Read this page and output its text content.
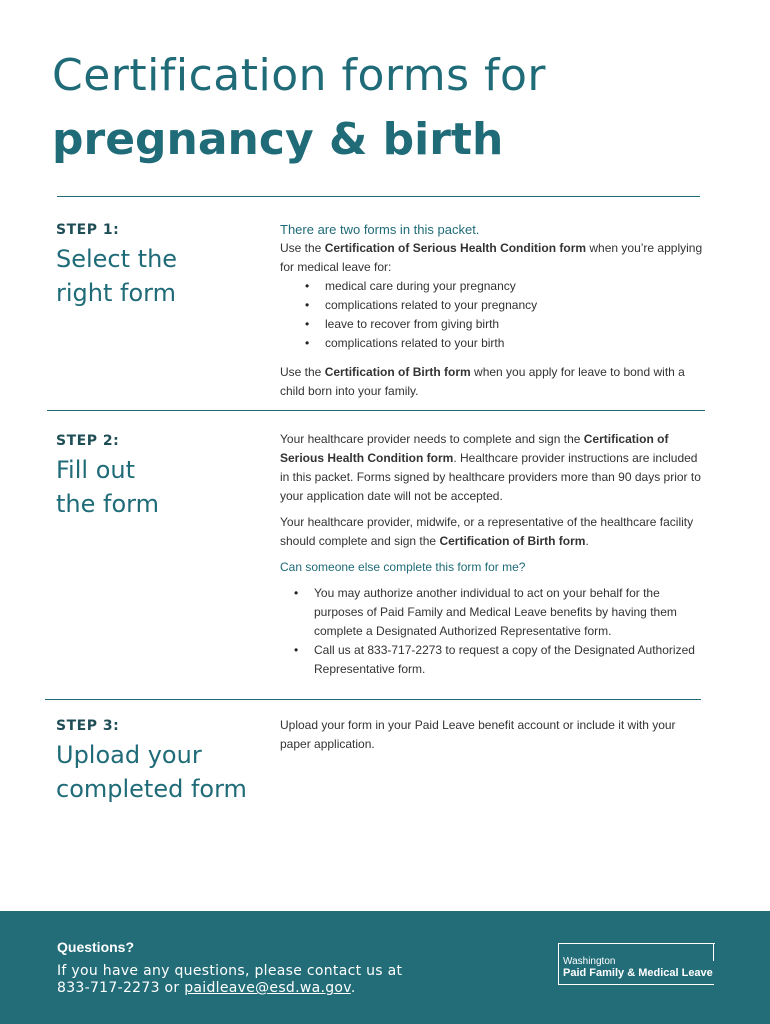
Certification forms for
pregnancy & birth
STEP 1:
Select the
right form

There are two forms in this packet.

Use the Certification of Serious Health Condition form when you’re applying for medical leave for:

• medical care during your pregnancy
• complications related to your pregnancy
• leave to recover from giving birth
• complications related to your birth

Use the Certification of Birth form when you apply for leave to bond with a child born into your family.

STEP 2:
Fill out
the form

Your healthcare provider needs to complete and sign the Certification of Serious Health Condition form. Healthcare provider instructions are included in this packet. Forms signed by healthcare providers more than 90 days prior to your application date will not be accepted.

Your healthcare provider, midwife, or a representative of the healthcare facility should complete and sign the Certification of Birth form.

Can someone else complete this form for me?

• You may authorize another individual to act on your behalf for the purposes of Paid Family and Medical Leave benefits by having them complete a Designated Authorized Representative form.
• Call us at 833-717-2273 to request a copy of the Designated Authorized Representative form.
STEP 3:
Upload your
completed form

Upload your form in your Paid Leave benefit account or include it with your paper application.

Questions?
If you have any questions, please contact us at
833-717-2273 or paidleave@esd.wa.gov.
Washington
Paid Family & Medical Leave
